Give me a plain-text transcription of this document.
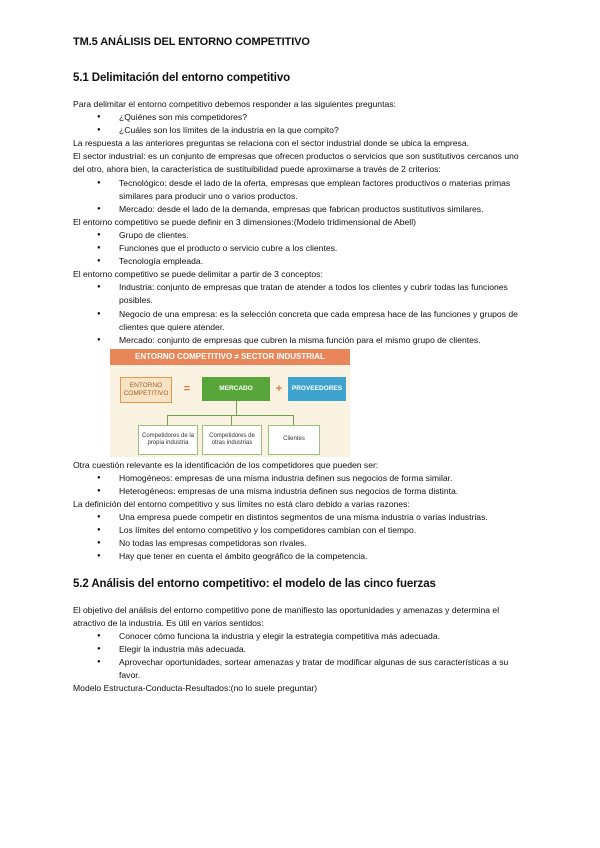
TM.5 ANÁLISIS DEL ENTORNO COMPETITIVO
5.1 Delimitación del entorno competitivo

Para delimitar el entorno competitivo debemos responder a las siguientes preguntas:

● ¿Quiénes son mis competidores?
● ¿Cuáles son los límites de la industria en la que compito?

La respuesta a las anteriores preguntas se relaciona con el sector industrial donde se ubica la empresa.

El sector industrial: es un conjunto de empresas que ofrecen productos o servicios que son sustitutivos cercanos uno del otro, ahora bien, la característica de sustituibilidad puede aproximarse a través de 2 criterios:

● Tecnológico: desde el lado de la oferta, empresas que emplean factores productivos o materias primas similares para producir uno o varios productos.
● Mercado: desde el lado de la demanda, empresas que fabrican productos sustitutivos similares.

El entorno competitivo se puede definir en 3 dimensiones:(Modelo tridimensional de Abell)

● Grupo de clientes.
● Funciones que el producto o servicio cubre a los clientes.
● Tecnología empleada.

El entorno competitivo se puede delimitar a partir de 3 conceptos:

● Industria: conjunto de empresas que tratan de atender a todos los clientes y cubrir todas las funciones posibles.
● Negocio de una empresa: es la selección concreta que cada empresa hace de las funciones y grupos de clientes que quiere atender.
● Mercado: conjunto de empresas que cubren la misma función para el mismo grupo de clientes.
ENTORNO COMPETITIVO ≠ SECTOR INDUSTRIAL
ENTORNO COMPETITIVO	=	MERCADO	+	PROVEEDORES
Competidores de la propia industria
Competidores de otras industrias
Clientes

Otra cuestión relevante es la identificación de los competidores que pueden ser:

● Homogéneos: empresas de una misma industria definen sus negocios de forma similar.
● Heterogéneos: empresas de una misma industria definen sus negocios de forma distinta.

La definición del entorno competitivo y sus límites no está claro debido a varias razones:

● Una empresa puede competir en distintos segmentos de una misma industria o varias industrias.
● Los límites del entorno competitivo y los competidores cambian con el tiempo.
● No todas las empresas competidoras son rivales.
● Hay que tener en cuenta el ámbito geográfico de la competencia.
5.2 Análisis del entorno competitivo: el modelo de las cinco fuerzas

El objetivo del análisis del entorno competitivo pone de manifiesto las oportunidades y amenazas y determina el atractivo de la industria. Es útil en varios sentidos:

● Conocer cómo funciona la industria y elegir la estrategia competitiva más adecuada.
● Elegir la industria más adecuada.
● Aprovechar oportunidades, sortear amenazas y tratar de modificar algunas de sus características a su favor.

Modelo Estructura-Conducta-Resultados:(no lo suele preguntar)
